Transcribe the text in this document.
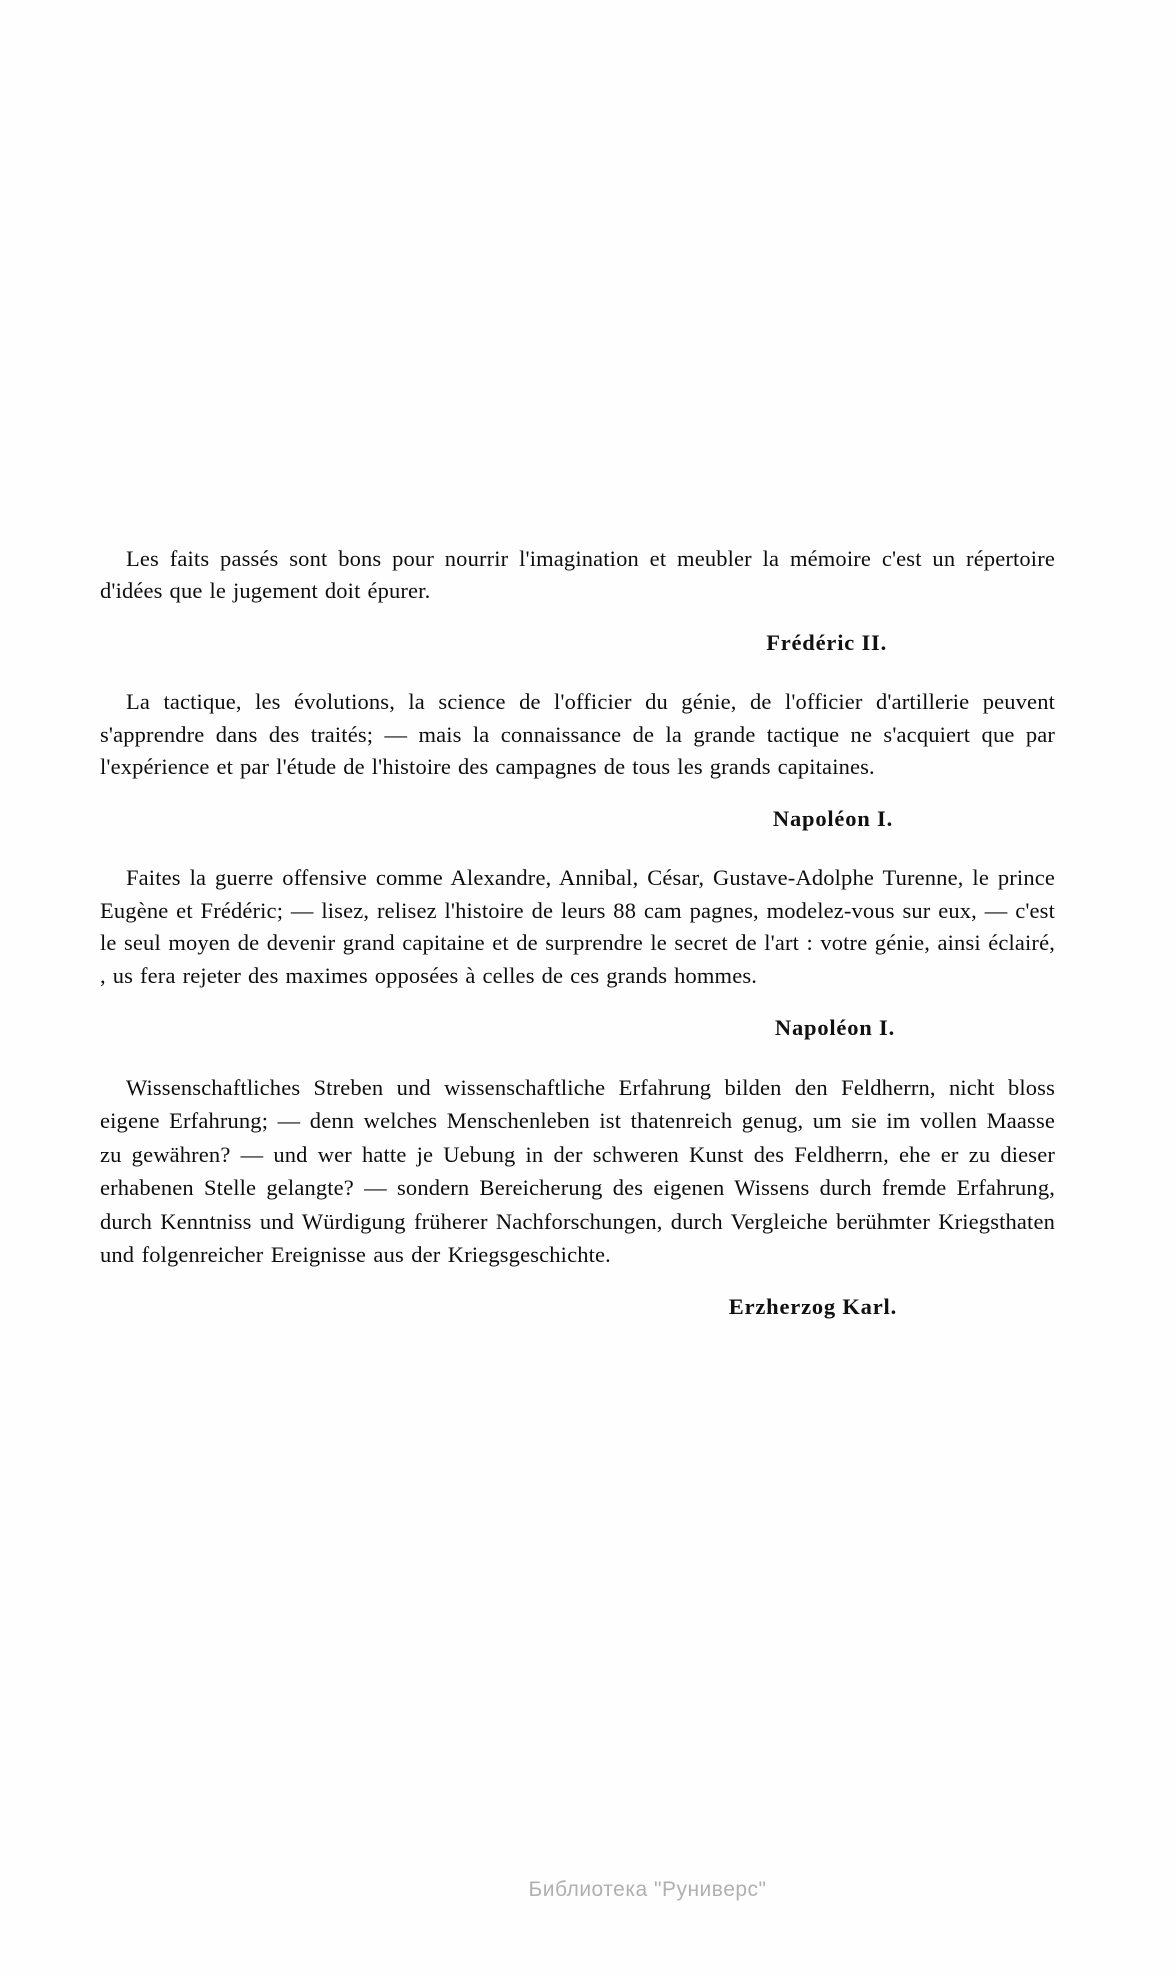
Les faits passés sont bons pour nourrir l'imagination et meubler la mémoire c'est un répertoire d'idées que le jugement doit épurer.

Frédéric II.

La tactique, les évolutions, la science de l'officier du génie, de l'officier d'artillerie peuvent s'apprendre dans des traités; — mais la connaissance de la grande tactique ne s'acquiert que par l'expérience et par l'étude de l'histoire des campagnes de tous les grands capitaines.

Napoléon I.

Faites la guerre offensive comme Alexandre, Annibal, César, Gustave-Adolphe Turenne, le prince Eugène et Frédéric; — lisez, relisez l'histoire de leurs 88 cam pagnes, modelez-vous sur eux, — c'est le seul moyen de devenir grand capitaine et de surprendre le secret de l'art : votre génie, ainsi éclairé, , us fera rejeter des maximes opposées à celles de ces grands hommes.

Napoléon I.

Wissenschaftliches Streben und wissenschaftliche Erfahrung bilden den Feldherrn, nicht bloss eigene Erfahrung; — denn welches Menschenleben ist thatenreich genug, um sie im vollen Maasse zu gewähren? — und wer hatte je Uebung in der schweren Kunst des Feldherrn, ehe er zu dieser erhabenen Stelle gelangte? — sondern Bereicherung des eigenen Wissens durch fremde Erfahrung, durch Kenntniss und Würdigung früherer Nachforschungen, durch Vergleiche berühmter Kriegsthaten und folgenreicher Ereignisse aus der Kriegsgeschichte.

Erzherzog Karl.

Библиотека "Руниверс"
